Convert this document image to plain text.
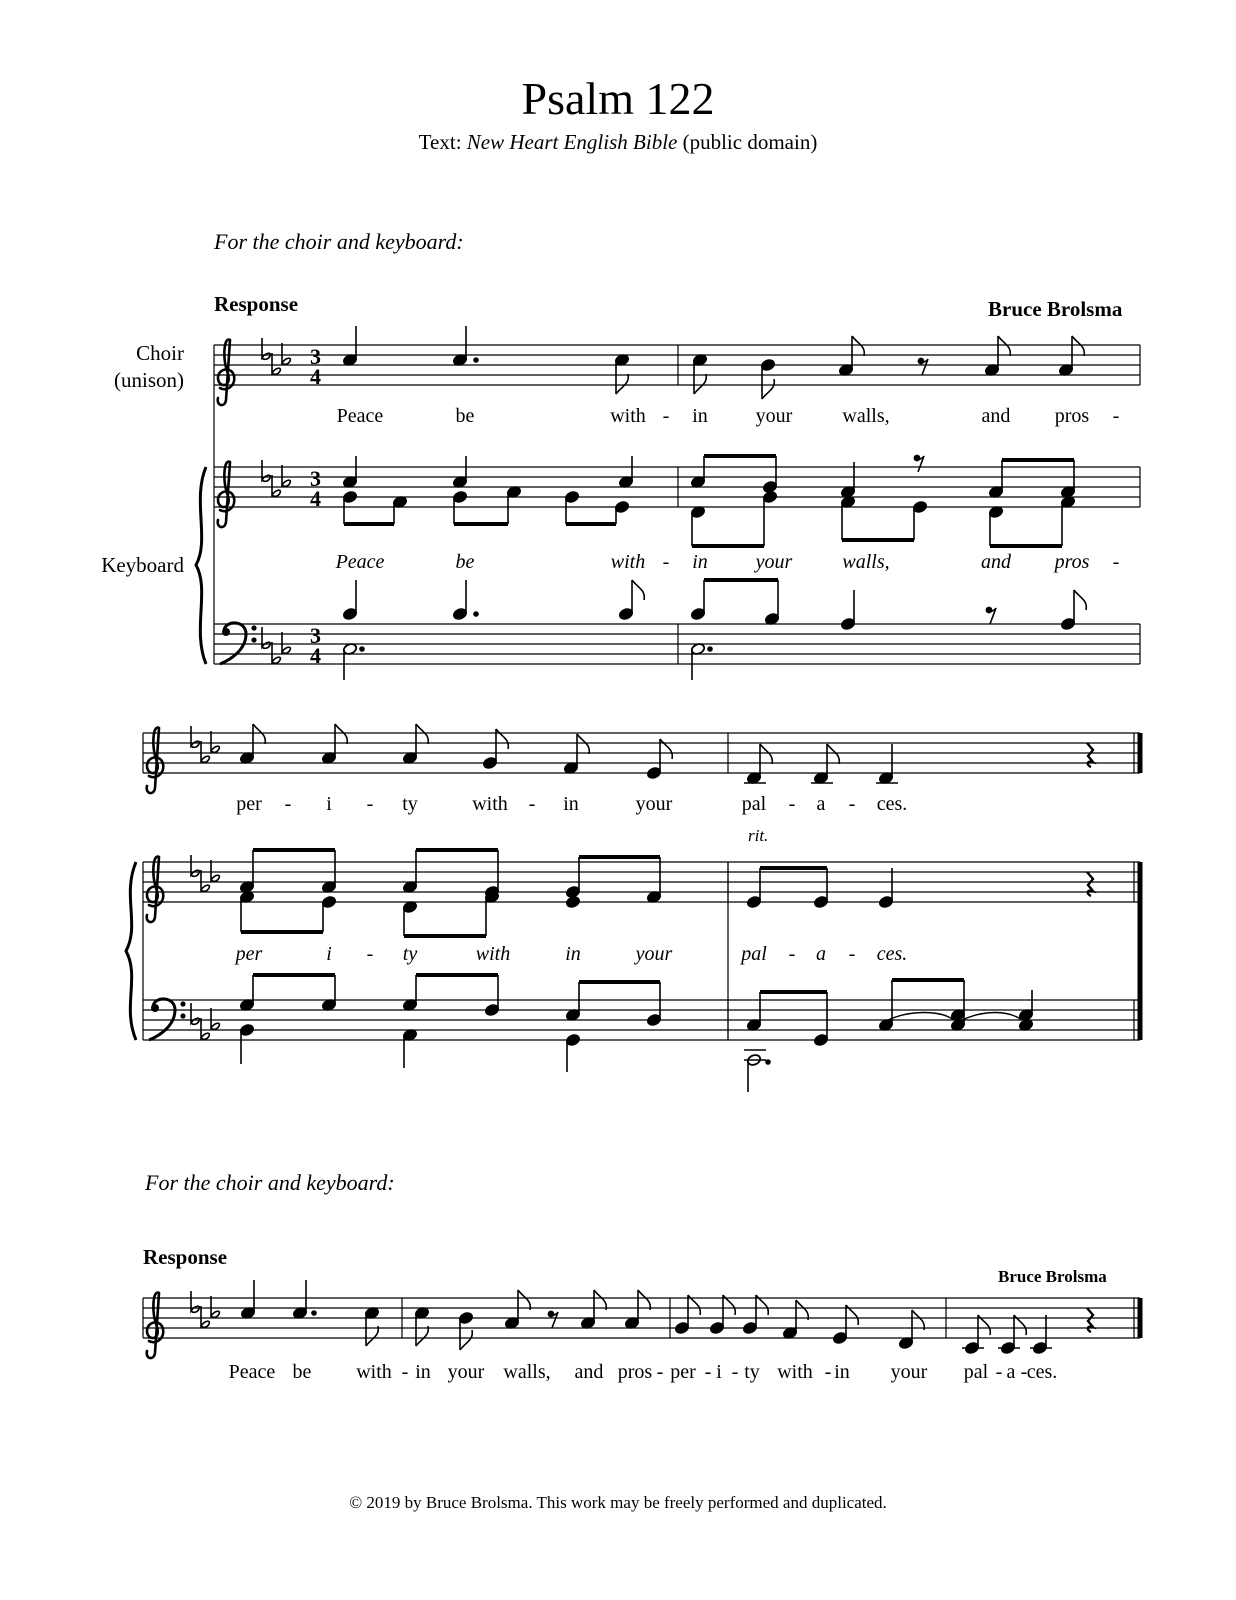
Psalm 122
Text: New Heart English Bible (public domain)
For the choir and keyboard:
Response	Bruce Brolsma
Choir
(unison)
Keyboard
rit.
Peace	be	with - in your	walls,	and pros -
Peace	be	with - in your	walls,	and pros -
per - i - ty	with - in	your	pal - a - ces.
per	i - ty	with	in	your	pal - a - ces.
For the choir and keyboard:
Response
Bruce Brolsma
Peace be with - in your walls, and pros - per - i - ty with - in your pal - a - ces.
3
4
3
4
3
4
© 2019 by Bruce Brolsma. This work may be freely performed and duplicated.
